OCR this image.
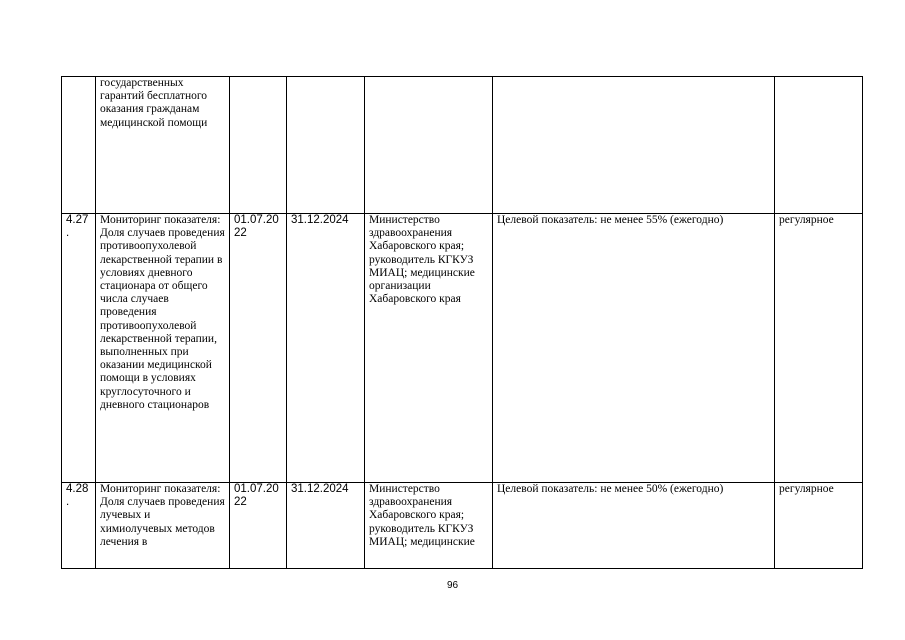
	государственных гарантий бесплатного оказания гражданам медицинской помощи					
4.27.	Мониторинг показателя: Доля случаев проведения противоопухолевой лекарственной терапии в условиях дневного стационара от общего числа случаев проведения противоопухолевой лекарственной терапии, выполненных при оказании медицинской помощи в условиях круглосуточного и дневного стационаров	01.07.2022	31.12.2024	Министерство здравоохранения Хабаровского края; руководитель КГКУЗ МИАЦ; медицинские организации Хабаровского края	Целевой показатель: не менее 55% (ежегодно)	регулярное
4.28.	Мониторинг показателя: Доля случаев проведения лучевых и химиолучевых методов лечения в	01.07.2022	31.12.2024	Министерство здравоохранения Хабаровского края; руководитель КГКУЗ МИАЦ; медицинские	Целевой показатель: не менее 50% (ежегодно)	регулярное
96
